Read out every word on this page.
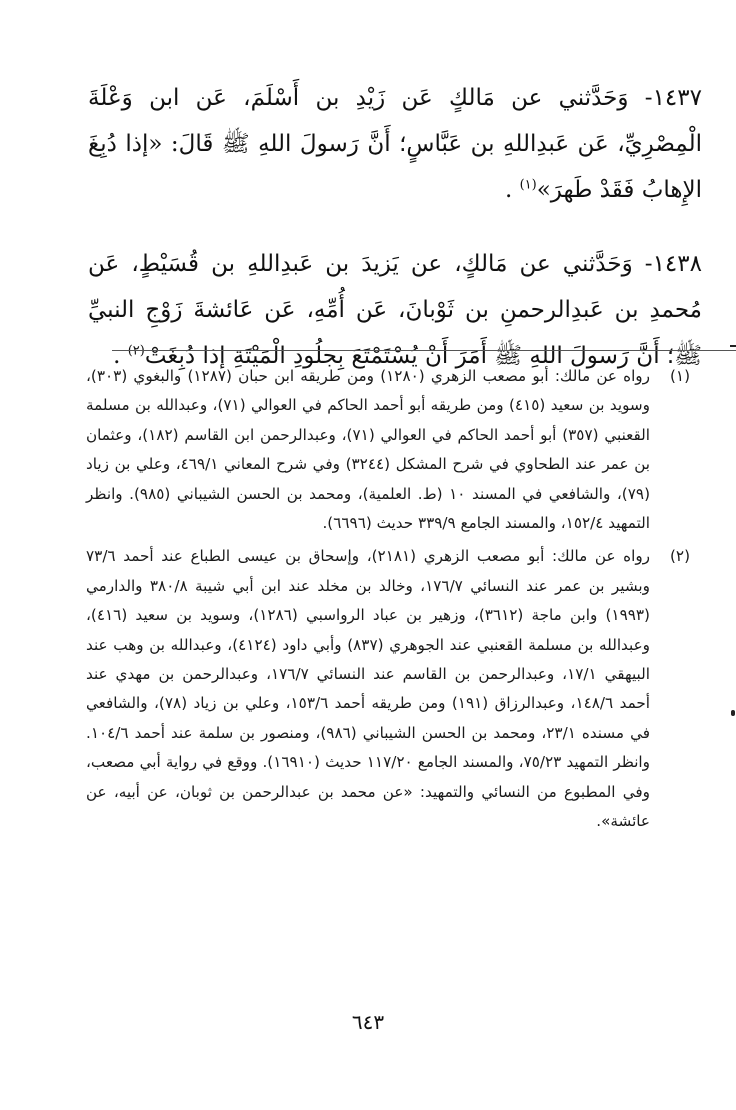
١٤٣٧- وَحَدَّثني عن مَالكٍ عَن زَيْدِ بن أَسْلَمَ، عَن ابن وَعْلَةَ الْمِصْرِيِّ، عَن عَبدِاللهِ بن عَبَّاسٍ؛ أَنَّ رَسولَ اللهِ ﷺ قَالَ: «إذا دُبِغَ الإِهابُ فَقَدْ طَهرَ»$^{(١)}$ .

١٤٣٨- وَحَدَّثني عن مَالكٍ، عن يَزيدَ بن عَبدِاللهِ بن قُسَيْطٍ، عَن مُحمدِ بن عَبدِالرحمنِ بن ثَوْبانَ، عَن أُمِّهِ، عَن عَائشةَ زَوْجِ النبيِّ ﷺ؛ أَنَّ رَسولَ اللهِ ﷺ أَمَرَ أَنْ يُسْتَمْتَعَ بِجلُودِ الْمَيْتَةِ إذا دُبِغَتْ$^{(٢)}$ .

(١)
رواه عن مالك: أبو مصعب الزهري (١٢٨٠) ومن طريقه ابن حبان (١٢٨٧) والبغوي (٣٠٣)، وسويد بن سعيد (٤١٥) ومن طريقه أبو أحمد الحاكم في العوالي (٧١)، وعبدالله بن مسلمة القعنبي (٣٥٧) أبو أحمد الحاكم في العوالي (٧١)، وعبدالرحمن ابن القاسم (١٨٢)، وعثمان بن عمر عند الطحاوي في شرح المشكل (٣٢٤٤) وفي شرح المعاني ٤٦٩/١، وعلي بن زياد (٧٩)، والشافعي في المسند ١٠ (ط. العلمية)، ومحمد بن الحسن الشيباني (٩٨٥). وانظر التمهيد ١٥٢/٤، والمسند الجامع ٣٣٩/٩ حديث (٦٦٩٦).
(٢)
رواه عن مالك: أبو مصعب الزهري (٢١٨١)، وإسحاق بن عيسى الطباع عند أحمد ٧٣/٦ وبشير بن عمر عند النسائي ١٧٦/٧، وخالد بن مخلد عند ابن أبي شيبة ٣٨٠/٨ والدارمي (١٩٩٣) وابن ماجة (٣٦١٢)، وزهير بن عباد الرواسبي (١٢٨٦)، وسويد بن سعيد (٤١٦)، وعبدالله بن مسلمة القعنبي عند الجوهري (٨٣٧) وأبي داود (٤١٢٤)، وعبدالله بن وهب عند البيهقي ١٧/١، وعبدالرحمن بن القاسم عند النسائي ١٧٦/٧، وعبدالرحمن بن مهدي عند أحمد ١٤٨/٦، وعبدالرزاق (١٩١) ومن طريقه أحمد ١٥٣/٦، وعلي بن زياد (٧٨)، والشافعي في مسنده ٢٣/١، ومحمد بن الحسن الشيباني (٩٨٦)، ومنصور بن سلمة عند أحمد ١٠٤/٦. وانظر التمهيد ٧٥/٢٣، والمسند الجامع ١١٧/٢٠ حديث (١٦٩١٠). ووقع في رواية أبي مصعب، وفي المطبوع من النسائي والتمهيد: «عن محمد بن عبدالرحمن بن ثوبان، عن أبيه، عن عائشة».
٦٤٣
